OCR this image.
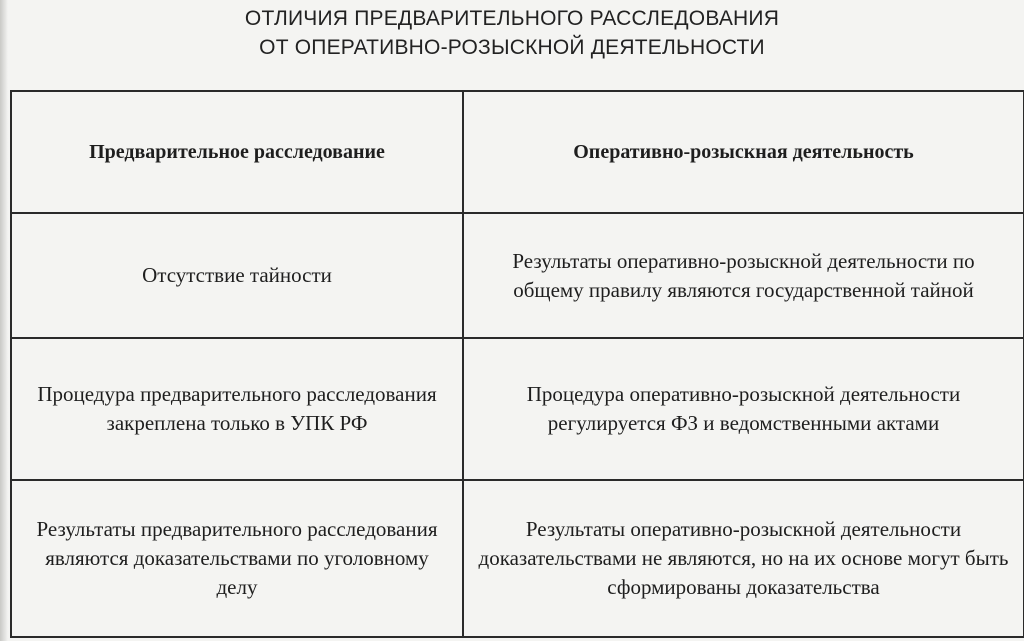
ОТЛИЧИЯ ПРЕДВАРИТЕЛЬНОГО РАССЛЕДОВАНИЯ
ОТ ОПЕРАТИВНО-РОЗЫСКНОЙ ДЕЯТЕЛЬНОСТИ
Предварительное расследование	Оперативно-розыскная деятельность
Отсутствие тайности	Результаты оперативно-розыскной деятельности по общему правилу являются государственной тайной
Процедура предварительного расследования закреплена только в УПК РФ	Процедура оперативно-розыскной деятельности регулируется ФЗ и ведомственными актами
Результаты предварительного расследования являются доказательствами по уголовному делу	Результаты оперативно-розыскной деятельности доказательствами не являются, но на их основе могут быть сформированы доказательства
